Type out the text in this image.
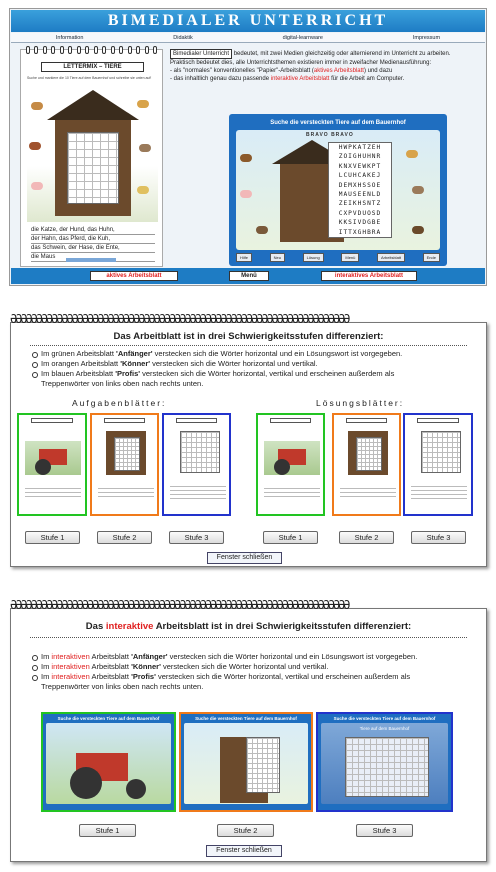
BIMEDIALER UNTERRICHT
Information	Didaktik	digital-learnware	Impressum
LETTERMIX – TIERE
Suche und markiere die 10 Tiere auf dem Bauernhof und schreibe sie unten auf!
die Katze, der Hund, das Huhn,
der Hahn, das Pferd, die Kuh,
das Schwein, der Hase, die Ente,
die Maus
Bimedialer Unterricht bedeutet, mit zwei Medien gleichzeitig oder alternierend im Unterricht zu arbeiten.
Praktisch bedeutet dies, alle Unterrichtsthemen existieren immer in zweifacher Medienausführung:
- als "normales" konventionelles "Papier"-Arbeitsblatt (aktives Arbeitsblatt) und dazu
- das inhaltlich genau dazu passende interaktive Arbeitsblatt für die Arbeit am Computer.
Suche die versteckten Tiere auf dem Bauernhof
BRAVO BRAVO
HWPKATZEH
ZOIGHUHNR
KNXVEWKPT
LCUHCAKEJ
DEMXHSSOE
MAUSEENLD
ZEIKHSNTZ
CXPVDUOSD
KKSIVDGBE
ITTXGHBRA
Hilfe	Neu	Lösung	Menü	Arbeitsblatt	Ende
aktives Arbeitsblatt	Menü	interaktives Arbeitsblatt
ƏƏƏƏƏƏƏƏƏƏƏƏƏƏƏƏƏƏƏƏƏƏƏƏƏƏƏƏƏƏƏƏƏƏƏƏƏƏƏƏƏƏƏƏƏƏƏƏƏƏƏƏƏƏƏƏƏƏƏƏƏƏƏƏƏƏ
Das Arbeitblatt ist in drei Schwierigkeitsstufen differenziert:
Im grünen Arbeitsblatt 'Anfänger' verstecken sich die Wörter horizontal und ein Lösungswort ist vorgegeben.
Im orangen Arbeitsblatt 'Könner' verstecken sich die Wörter horizontal und vertikal.
Im blauen Arbeitsblatt 'Profis' verstecken sich die Wörter horizontal, vertikal und erscheinen außerdem als
Treppenwörter von links oben nach rechts unten.
Aufgabenblätter:	Lösungsblätter:
Stufe 1	Stufe 2	Stufe 3	Stufe 1	Stufe 2	Stufe 3
Fenster schließen
ƏƏƏƏƏƏƏƏƏƏƏƏƏƏƏƏƏƏƏƏƏƏƏƏƏƏƏƏƏƏƏƏƏƏƏƏƏƏƏƏƏƏƏƏƏƏƏƏƏƏƏƏƏƏƏƏƏƏƏƏƏƏƏƏƏƏ
Das interaktive Arbeitsblatt ist in drei Schwierigkeitsstufen differenziert:
Im interaktiven Arbeitsblatt 'Anfänger' verstecken sich die Wörter horizontal und ein Lösungswort ist vorgegeben.
Im interaktiven Arbeitsblatt 'Könner' verstecken sich die Wörter horizontal und vertikal.
Im interaktiven Arbeitsblatt 'Profis' verstecken sich die Wörter horizontal, vertikal und erscheinen außerdem als
Treppenwörter von links oben nach rechts unten.
Suche die versteckten Tiere auf dem Bauernhof	Suche die versteckten Tiere auf dem Bauernhof	Suche die versteckten Tiere auf dem Bauernhof
Tiere auf dem Bauernhof
Stufe 1	Stufe 2	Stufe 3
Fenster schließen
